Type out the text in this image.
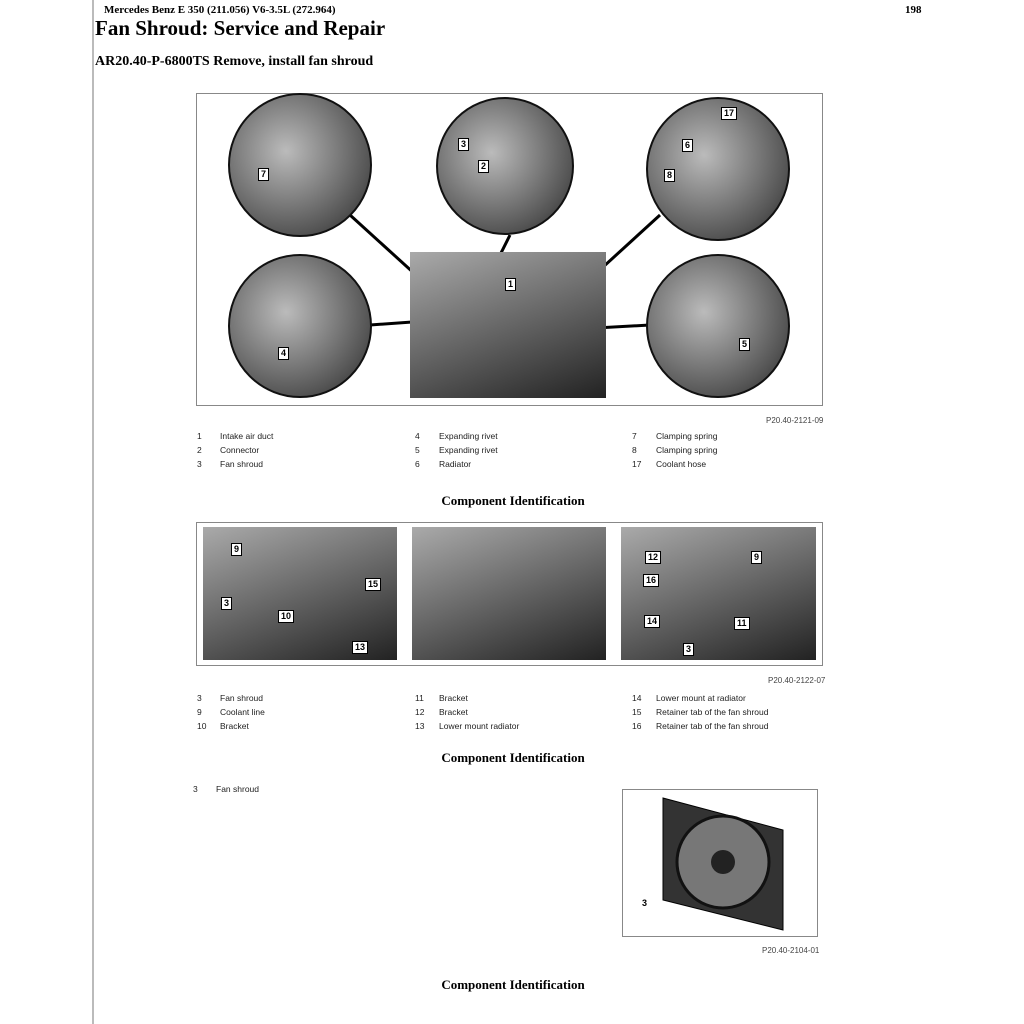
Mercedes Benz E 350 (211.056) V6-3.5L (272.964)	198
Fan Shroud: Service and Repair
AR20.40-P-6800TS Remove, install fan shroud
7
3
2
17
6
8
1
4
5
P20.40-2121-09
1 Intake air duct
2 Connector
3 Fan shroud
4 Expanding rivet
5 Expanding rivet
6 Radiator
7 Clamping spring
8 Clamping spring
17 Coolant hose
Component Identification
9
3
10
15
13
12
16
9
14	11
3
P20.40-2122-07
3 Fan shroud
9 Coolant line
10 Bracket
11 Bracket
12 Bracket
13 Lower mount radiator
14 Lower mount at radiator
15 Retainer tab of the fan shroud
16 Retainer tab of the fan shroud
Component Identification
3 Fan shroud
3
P20.40-2104-01
Component Identification
